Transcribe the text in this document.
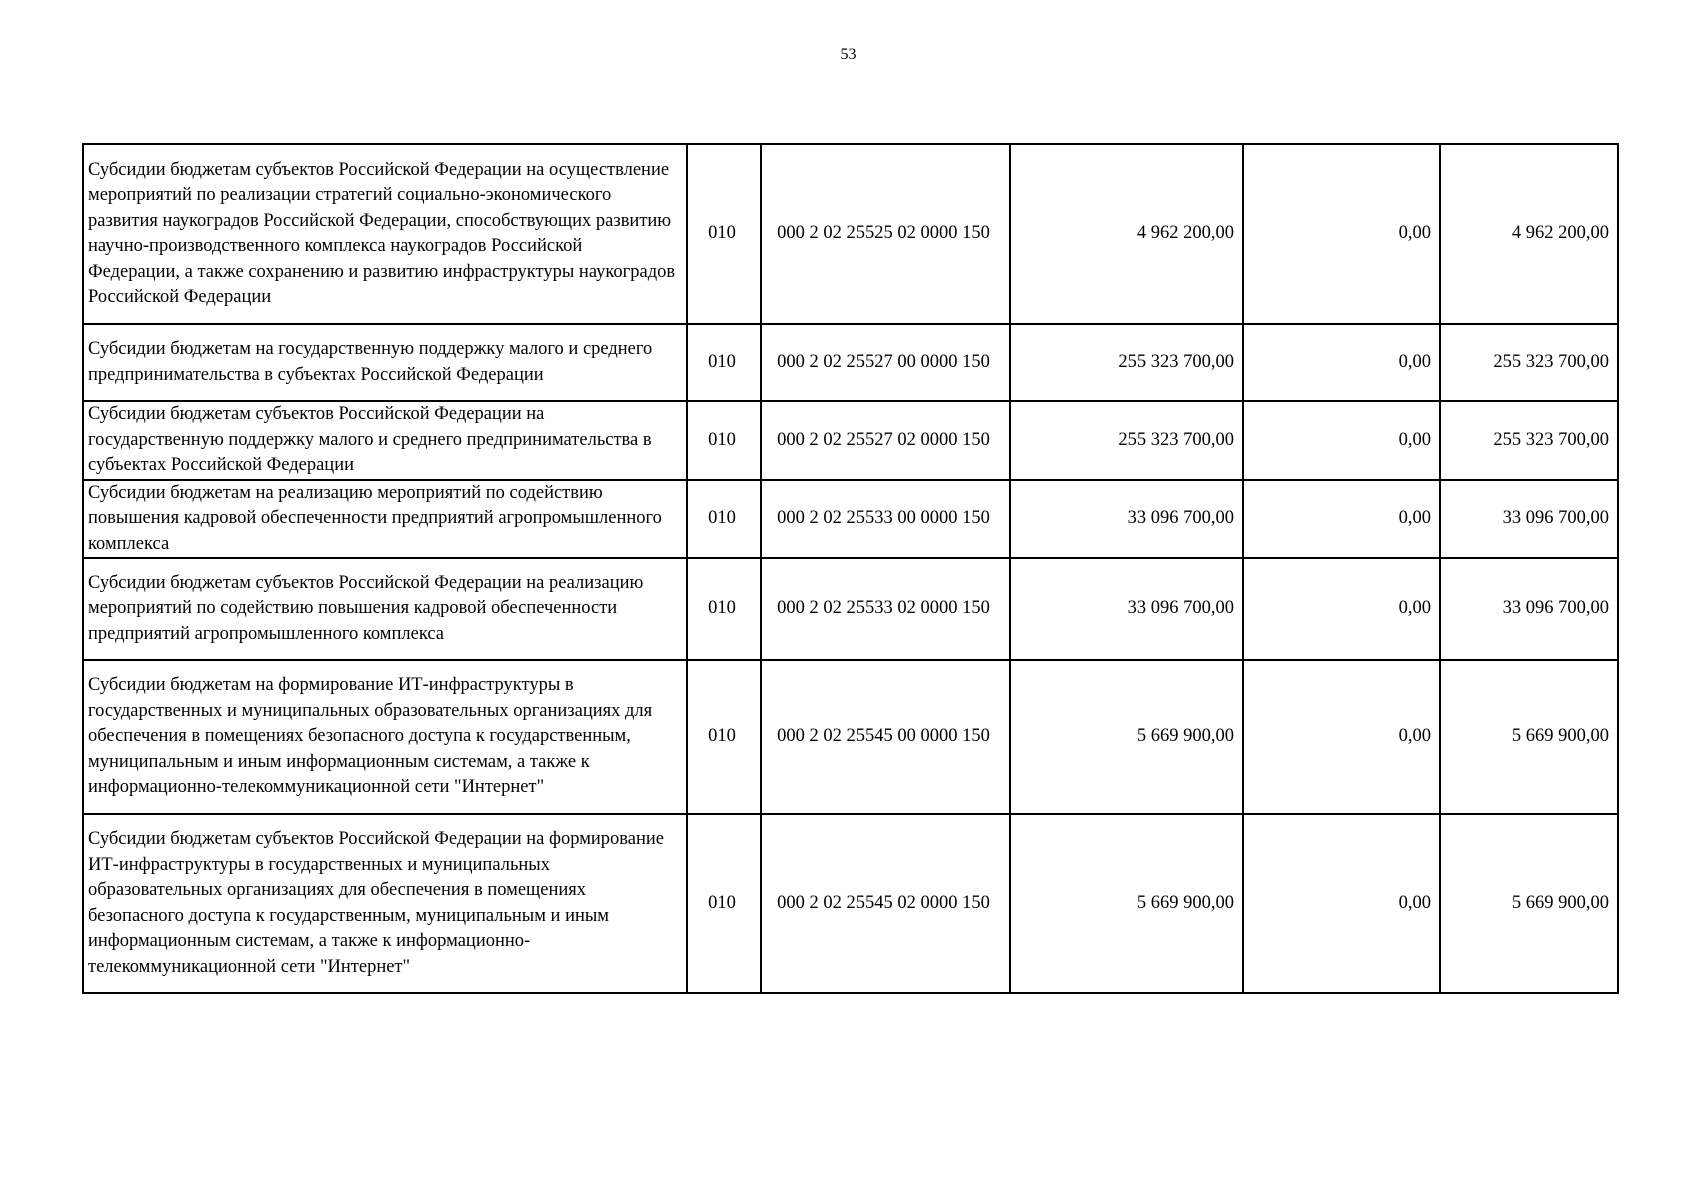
53
Субсидии бюджетам субъектов Российской Федерации на осуществление мероприятий по реализации стратегий социально-экономического развития наукоградов Российской Федерации, способствующих развитию научно-производственного комплекса наукоградов Российской Федерации, а также сохранению и развитию инфраструктуры наукоградов Российской Федерации	010	000 2 02 25525 02 0000 150	4 962 200,00	0,00	4 962 200,00
Субсидии бюджетам на государственную поддержку малого и среднего предпринимательства в субъектах Российской Федерации	010	000 2 02 25527 00 0000 150	255 323 700,00	0,00	255 323 700,00
Субсидии бюджетам субъектов Российской Федерации на государственную поддержку малого и среднего предпринимательства в субъектах Российской Федерации	010	000 2 02 25527 02 0000 150	255 323 700,00	0,00	255 323 700,00
Субсидии бюджетам на реализацию мероприятий по содействию повышения кадровой обеспеченности предприятий агропромышленного комплекса	010	000 2 02 25533 00 0000 150	33 096 700,00	0,00	33 096 700,00
Субсидии бюджетам субъектов Российской Федерации на реализацию мероприятий по содействию повышения кадровой обеспеченности предприятий агропромышленного комплекса	010	000 2 02 25533 02 0000 150	33 096 700,00	0,00	33 096 700,00
Субсидии бюджетам на формирование ИТ-инфраструктуры в государственных и муниципальных образовательных организациях для обеспечения в помещениях безопасного доступа к государственным, муниципальным и иным информационным системам, а также к информационно-телекоммуникационной сети "Интернет"	010	000 2 02 25545 00 0000 150	5 669 900,00	0,00	5 669 900,00
Субсидии бюджетам субъектов Российской Федерации на формирование ИТ-инфраструктуры в государственных и муниципальных образовательных организациях для обеспечения в помещениях безопасного доступа к государственным, муниципальным и иным информационным системам, а также к информационно-телекоммуникационной сети "Интернет"	010	000 2 02 25545 02 0000 150	5 669 900,00	0,00	5 669 900,00
